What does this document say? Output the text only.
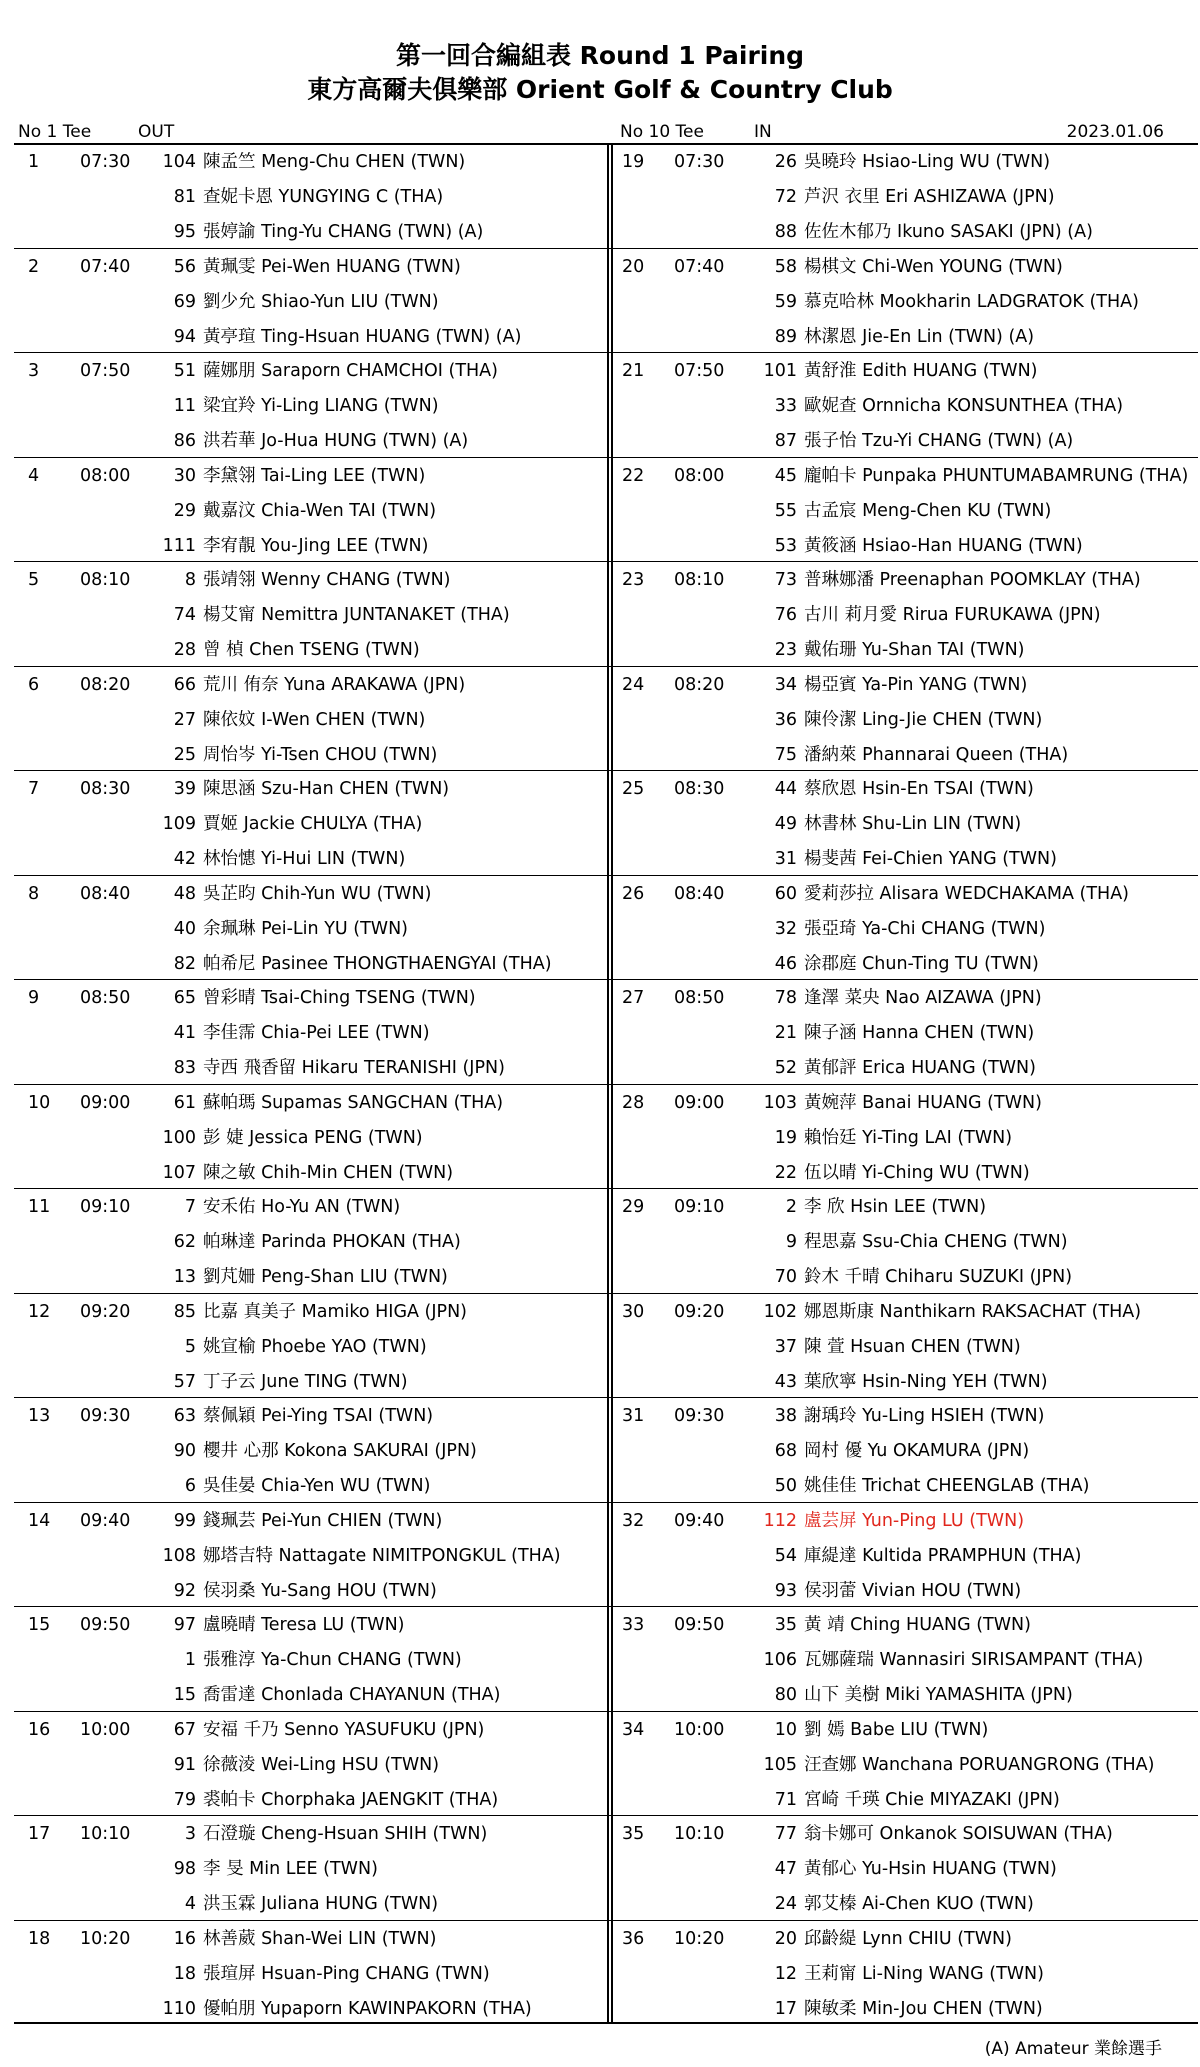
第一回合編組表 Round 1 Pairing
東方高爾夫俱樂部 Orient Golf & Country Club
No 1 Tee	OUT	No 10 Tee	IN	2023.01.06
1 07:30	104 陳孟竺 Meng-Chu CHEN (TWN)
81 查妮卡恩 YUNGYING C (THA)
95 張婷諭 Ting-Yu CHANG (TWN) (A)
2 07:40	56 黃珮雯 Pei-Wen HUANG (TWN)
69 劉少允 Shiao-Yun LIU (TWN)
94 黃亭瑄 Ting-Hsuan HUANG (TWN) (A)
3 07:50	51 薩娜朋 Saraporn CHAMCHOI (THA)
11 梁宜羚 Yi-Ling LIANG (TWN)
86 洪若華 Jo-Hua HUNG (TWN) (A)
4 08:00	30 李黛翎 Tai-Ling LEE (TWN)
29 戴嘉汶 Chia-Wen TAI (TWN)
111 李宥靚 You-Jing LEE (TWN)
5 08:10	8 張靖翎 Wenny CHANG (TWN)
74 楊艾甯 Nemittra JUNTANAKET (THA)
28 曾 楨 Chen TSENG (TWN)
6 08:20	66 荒川 侑奈 Yuna ARAKAWA (JPN)
27 陳依妏 I-Wen CHEN (TWN)
25 周怡岑 Yi-Tsen CHOU (TWN)
7 08:30	39 陳思涵 Szu-Han CHEN (TWN)
109 賈姬 Jackie CHULYA (THA)
42 林怡憓 Yi-Hui LIN (TWN)
8 08:40	48 吳芷昀 Chih-Yun WU (TWN)
40 余珮琳 Pei-Lin YU (TWN)
82 帕希尼 Pasinee THONGTHAENGYAI (THA)
9 08:50	65 曾彩晴 Tsai-Ching TSENG (TWN)
41 李佳霈 Chia-Pei LEE (TWN)
83 寺西 飛香留 Hikaru TERANISHI (JPN)
10 09:00	61 蘇帕瑪 Supamas SANGCHAN (THA)
100 彭 婕 Jessica PENG (TWN)
107 陳之敏 Chih-Min CHEN (TWN)
11 09:10	7 安禾佑 Ho-Yu AN (TWN)
62 帕琳達 Parinda PHOKAN (THA)
13 劉芃姍 Peng-Shan LIU (TWN)
12 09:20	85 比嘉 真美子 Mamiko HIGA (JPN)
5 姚宣榆 Phoebe YAO (TWN)
57 丁子云 June TING (TWN)
13 09:30	63 蔡佩穎 Pei-Ying TSAI (TWN)
90 櫻井 心那 Kokona SAKURAI (JPN)
6 吳佳晏 Chia-Yen WU (TWN)
14 09:40	99 錢珮芸 Pei-Yun CHIEN (TWN)
108 娜塔吉特 Nattagate NIMITPONGKUL (THA)
92 侯羽桑 Yu-Sang HOU (TWN)
15 09:50	97 盧曉晴 Teresa LU (TWN)
1 張雅淳 Ya-Chun CHANG (TWN)
15 喬雷達 Chonlada CHAYANUN (THA)
16 10:00	67 安福 千乃 Senno YASUFUKU (JPN)
91 徐薇淩 Wei-Ling HSU (TWN)
79 裘帕卡 Chorphaka JAENGKIT (THA)
17 10:10	3 石澄璇 Cheng-Hsuan SHIH (TWN)
98 李 旻 Min LEE (TWN)
4 洪玉霖 Juliana HUNG (TWN)
18 10:20	16 林善葳 Shan-Wei LIN (TWN)
18 張瑄屏 Hsuan-Ping CHANG (TWN)
110 優帕朋 Yupaporn KAWINPAKORN (THA)
19 07:30	26 吳曉玲 Hsiao-Ling WU (TWN)
72 芦沢 衣里 Eri ASHIZAWA (JPN)
88 佐佐木郁乃 Ikuno SASAKI (JPN) (A)
20 07:40	58 楊棋文 Chi-Wen YOUNG (TWN)
59 慕克哈林 Mookharin LADGRATOK (THA)
89 林潔恩 Jie-En Lin (TWN) (A)
21 07:50	101 黃舒淮 Edith HUANG (TWN)
33 歐妮查 Ornnicha KONSUNTHEA (THA)
87 張子怡 Tzu-Yi CHANG (TWN) (A)
22 08:00	45 龐帕卡 Punpaka PHUNTUMABAMRUNG (THA)
55 古孟宸 Meng-Chen KU (TWN)
53 黃筱涵 Hsiao-Han HUANG (TWN)
23 08:10	73 普琳娜潘 Preenaphan POOMKLAY (THA)
76 古川 莉月愛 Rirua FURUKAWA (JPN)
23 戴佑珊 Yu-Shan TAI (TWN)
24 08:20	34 楊亞賓 Ya-Pin YANG (TWN)
36 陳伶潔 Ling-Jie CHEN (TWN)
75 潘納萊 Phannarai Queen (THA)
25 08:30	44 蔡欣恩 Hsin-En TSAI (TWN)
49 林書林 Shu-Lin LIN (TWN)
31 楊斐茜 Fei-Chien YANG (TWN)
26 08:40	60 愛莉莎拉 Alisara WEDCHAKAMA (THA)
32 張亞琦 Ya-Chi CHANG (TWN)
46 涂郡庭 Chun-Ting TU (TWN)
27 08:50	78 逢澤 菜央 Nao AIZAWA (JPN)
21 陳子涵 Hanna CHEN (TWN)
52 黃郁評 Erica HUANG (TWN)
28 09:00	103 黃婉萍 Banai HUANG (TWN)
19 賴怡廷 Yi-Ting LAI (TWN)
22 伍以晴 Yi-Ching WU (TWN)
29 09:10	2 李 欣 Hsin LEE (TWN)
9 程思嘉 Ssu-Chia CHENG (TWN)
70 鈴木 千晴 Chiharu SUZUKI (JPN)
30 09:20	102 娜恩斯康 Nanthikarn RAKSACHAT (THA)
37 陳 萱 Hsuan CHEN (TWN)
43 葉欣寧 Hsin-Ning YEH (TWN)
31 09:30	38 謝瑀玲 Yu-Ling HSIEH (TWN)
68 岡村 優 Yu OKAMURA (JPN)
50 姚佳佳 Trichat CHEENGLAB (THA)
32 09:40	112 盧芸屏 Yun-Ping LU (TWN)
54 庫緹達 Kultida PRAMPHUN (THA)
93 侯羽蕾 Vivian HOU (TWN)
33 09:50	35 黃 靖 Ching HUANG (TWN)
106 瓦娜薩瑞 Wannasiri SIRISAMPANT (THA)
80 山下 美樹 Miki YAMASHITA (JPN)
34 10:00	10 劉 嫣 Babe LIU (TWN)
105 汪查娜 Wanchana PORUANGRONG (THA)
71 宮崎 千瑛 Chie MIYAZAKI (JPN)
35 10:10	77 翁卡娜可 Onkanok SOISUWAN (THA)
47 黃郁心 Yu-Hsin HUANG (TWN)
24 郭艾榛 Ai-Chen KUO (TWN)
36 10:20	20 邱齡緹 Lynn CHIU (TWN)
12 王莉甯 Li-Ning WANG (TWN)
17 陳敏柔 Min-Jou CHEN (TWN)
(A) Amateur 業餘選手
